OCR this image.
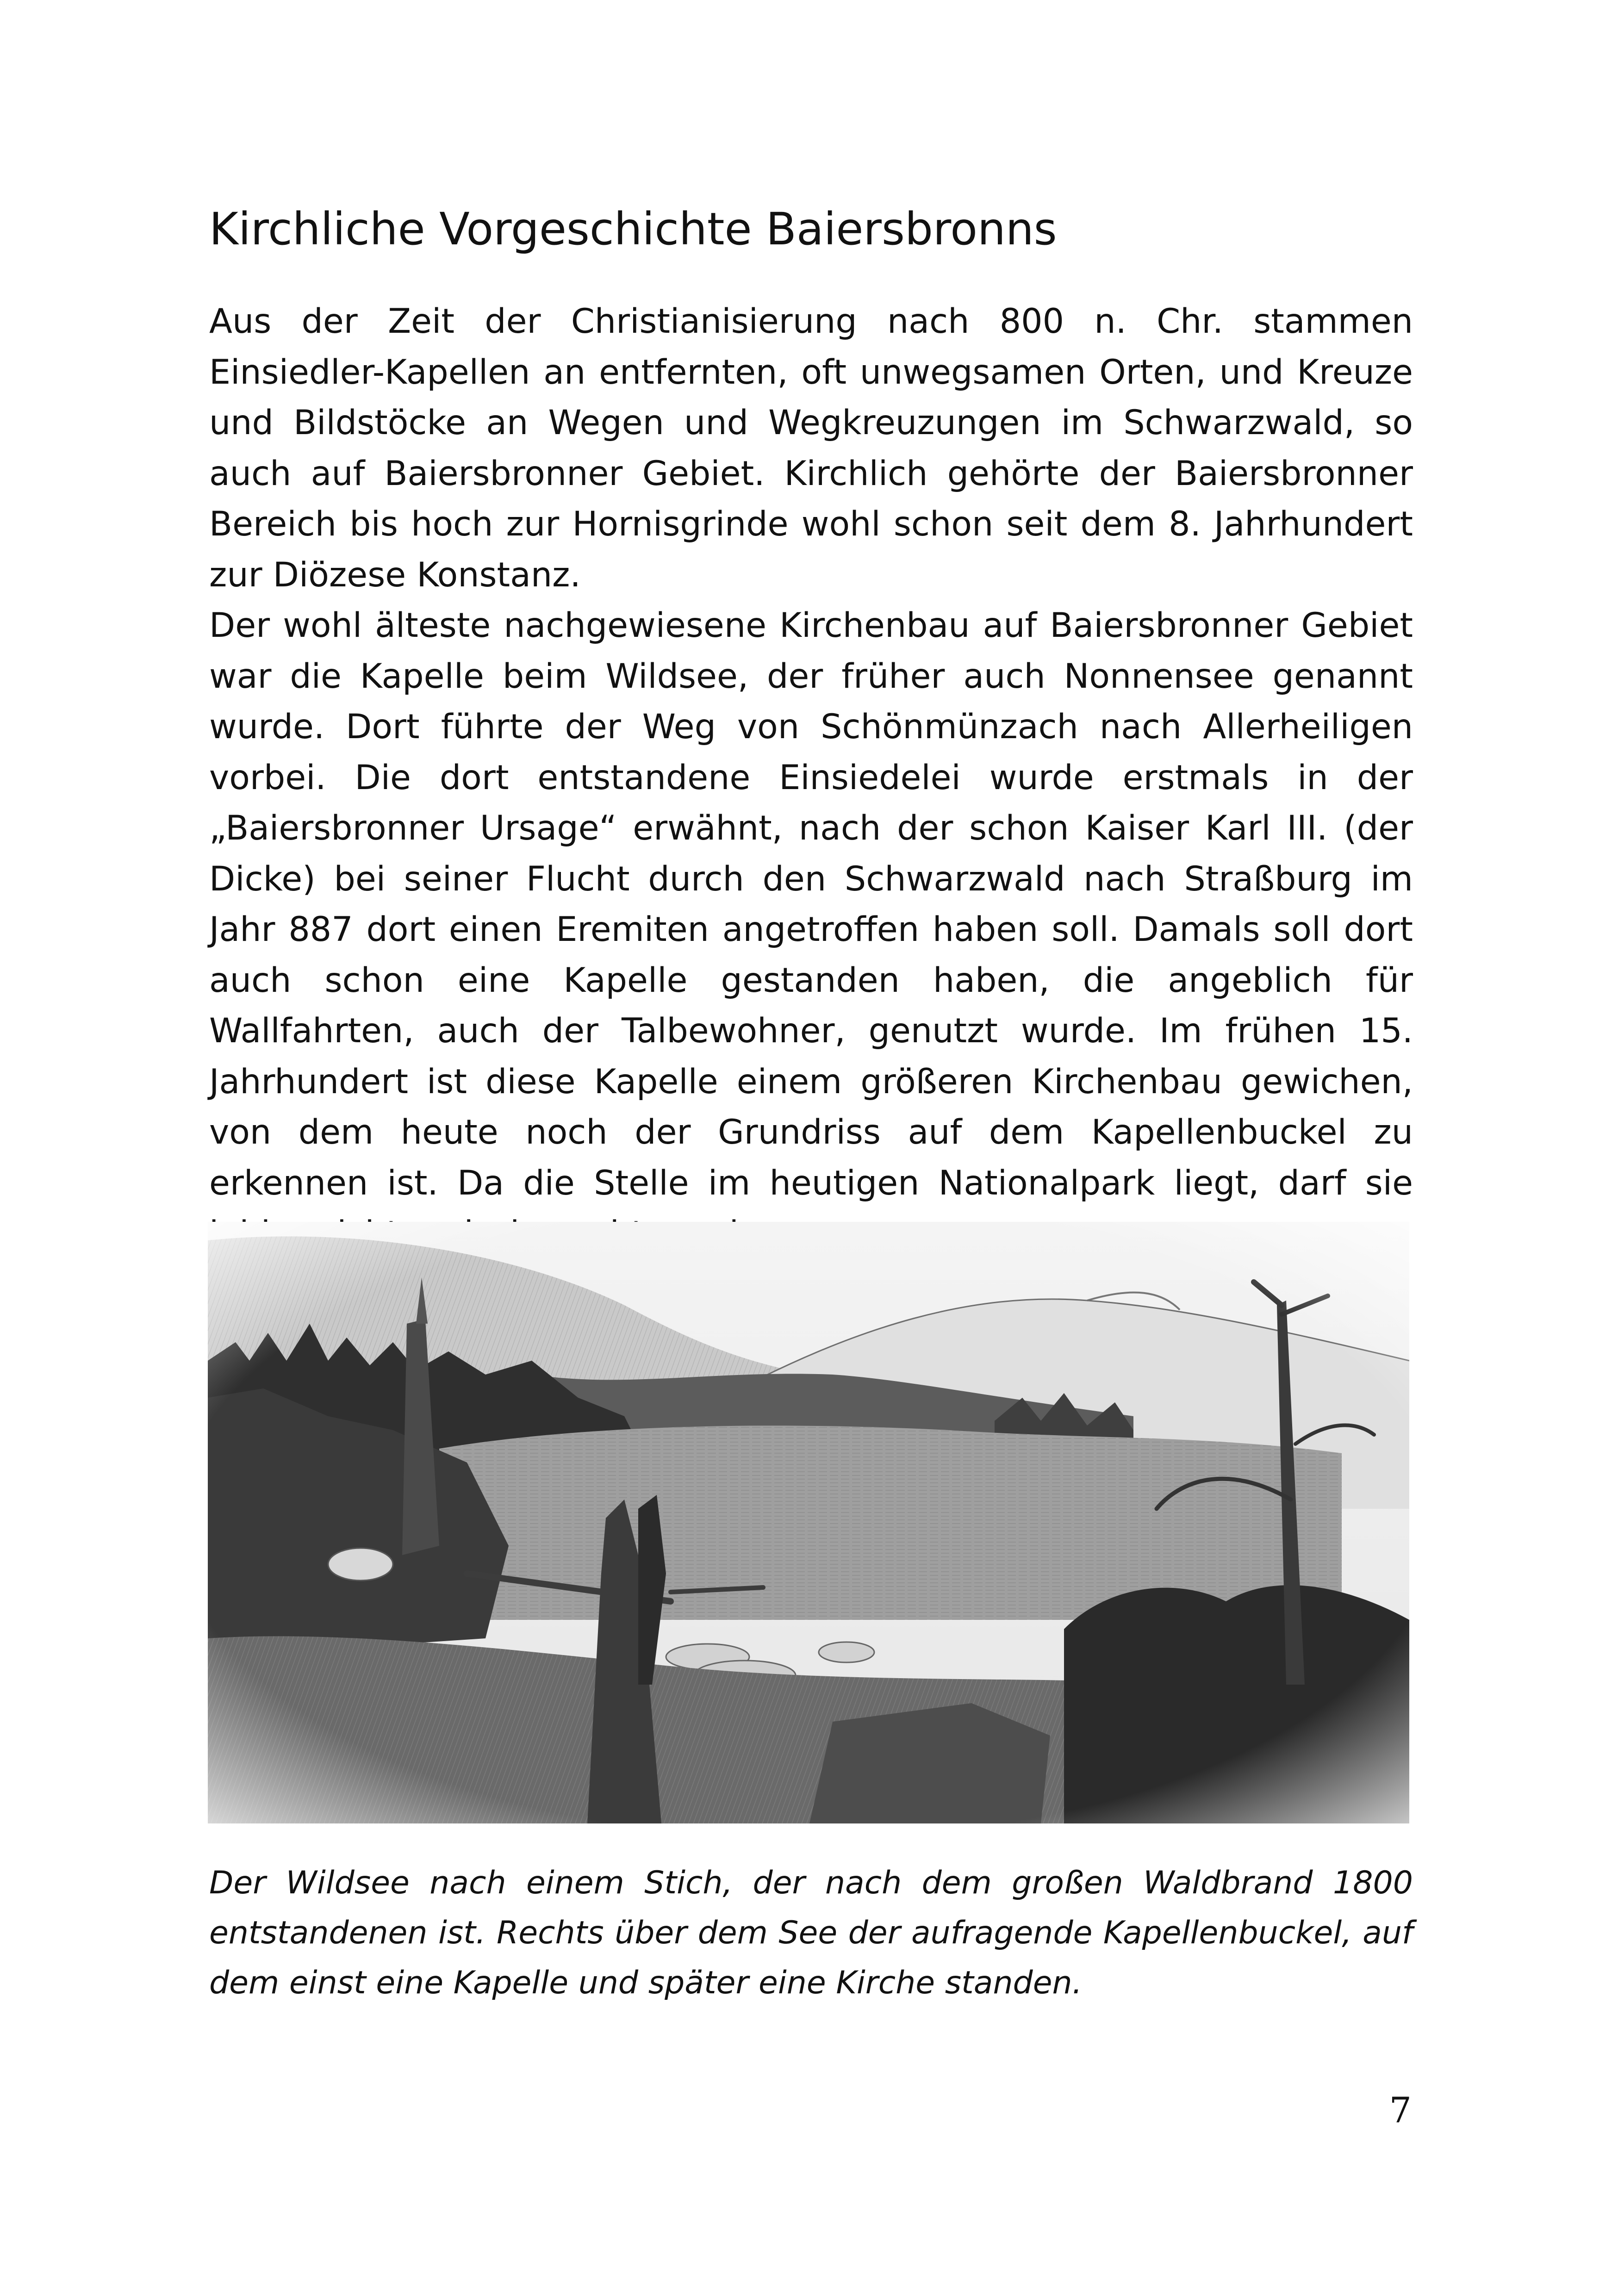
Kirchliche Vorgeschichte Baiersbronns

Aus der Zeit der Christianisierung nach 800 n. Chr. stammen Einsiedler-Kapellen an entfernten, oft unwegsamen Orten, und Kreuze und Bildstöcke an Wegen und Wegkreuzungen im Schwarzwald, so auch auf Baiersbronner Gebiet. Kirchlich gehörte der Baiersbronner Bereich bis hoch zur Hornisgrinde wohl schon seit dem 8. Jahrhundert zur Diözese Konstanz.

Der wohl älteste nachgewiesene Kirchenbau auf Baiersbronner Gebiet war die Kapelle beim Wildsee, der früher auch Nonnensee genannt wurde. Dort führte der Weg von Schönmünzach nach Allerheiligen vorbei. Die dort entstandene Einsiedelei wurde erstmals in der „Baiersbronner Ursage“ erwähnt, nach der schon Kaiser Karl III. (der Dicke) bei seiner Flucht durch den Schwarzwald nach Straßburg im Jahr 887 dort einen Eremiten angetroffen haben soll. Damals soll dort auch schon eine Kapelle gestanden haben, die angeblich für Wallfahrten, auch der Talbewohner, genutzt wurde. Im frühen 15. Jahrhundert ist diese Kapelle einem größeren Kirchenbau gewichen, von dem heute noch der Grundriss auf dem Kapellenbuckel zu erkennen ist. Da die Stelle im heutigen Nationalpark liegt, darf sie

Der Wildsee nach einem Stich, der nach dem großen Waldbrand 1800 entstandenen ist. Rechts über dem See der aufragende Kapellenbuckel, auf dem einst eine Kapelle und später eine Kirche standen.
7
